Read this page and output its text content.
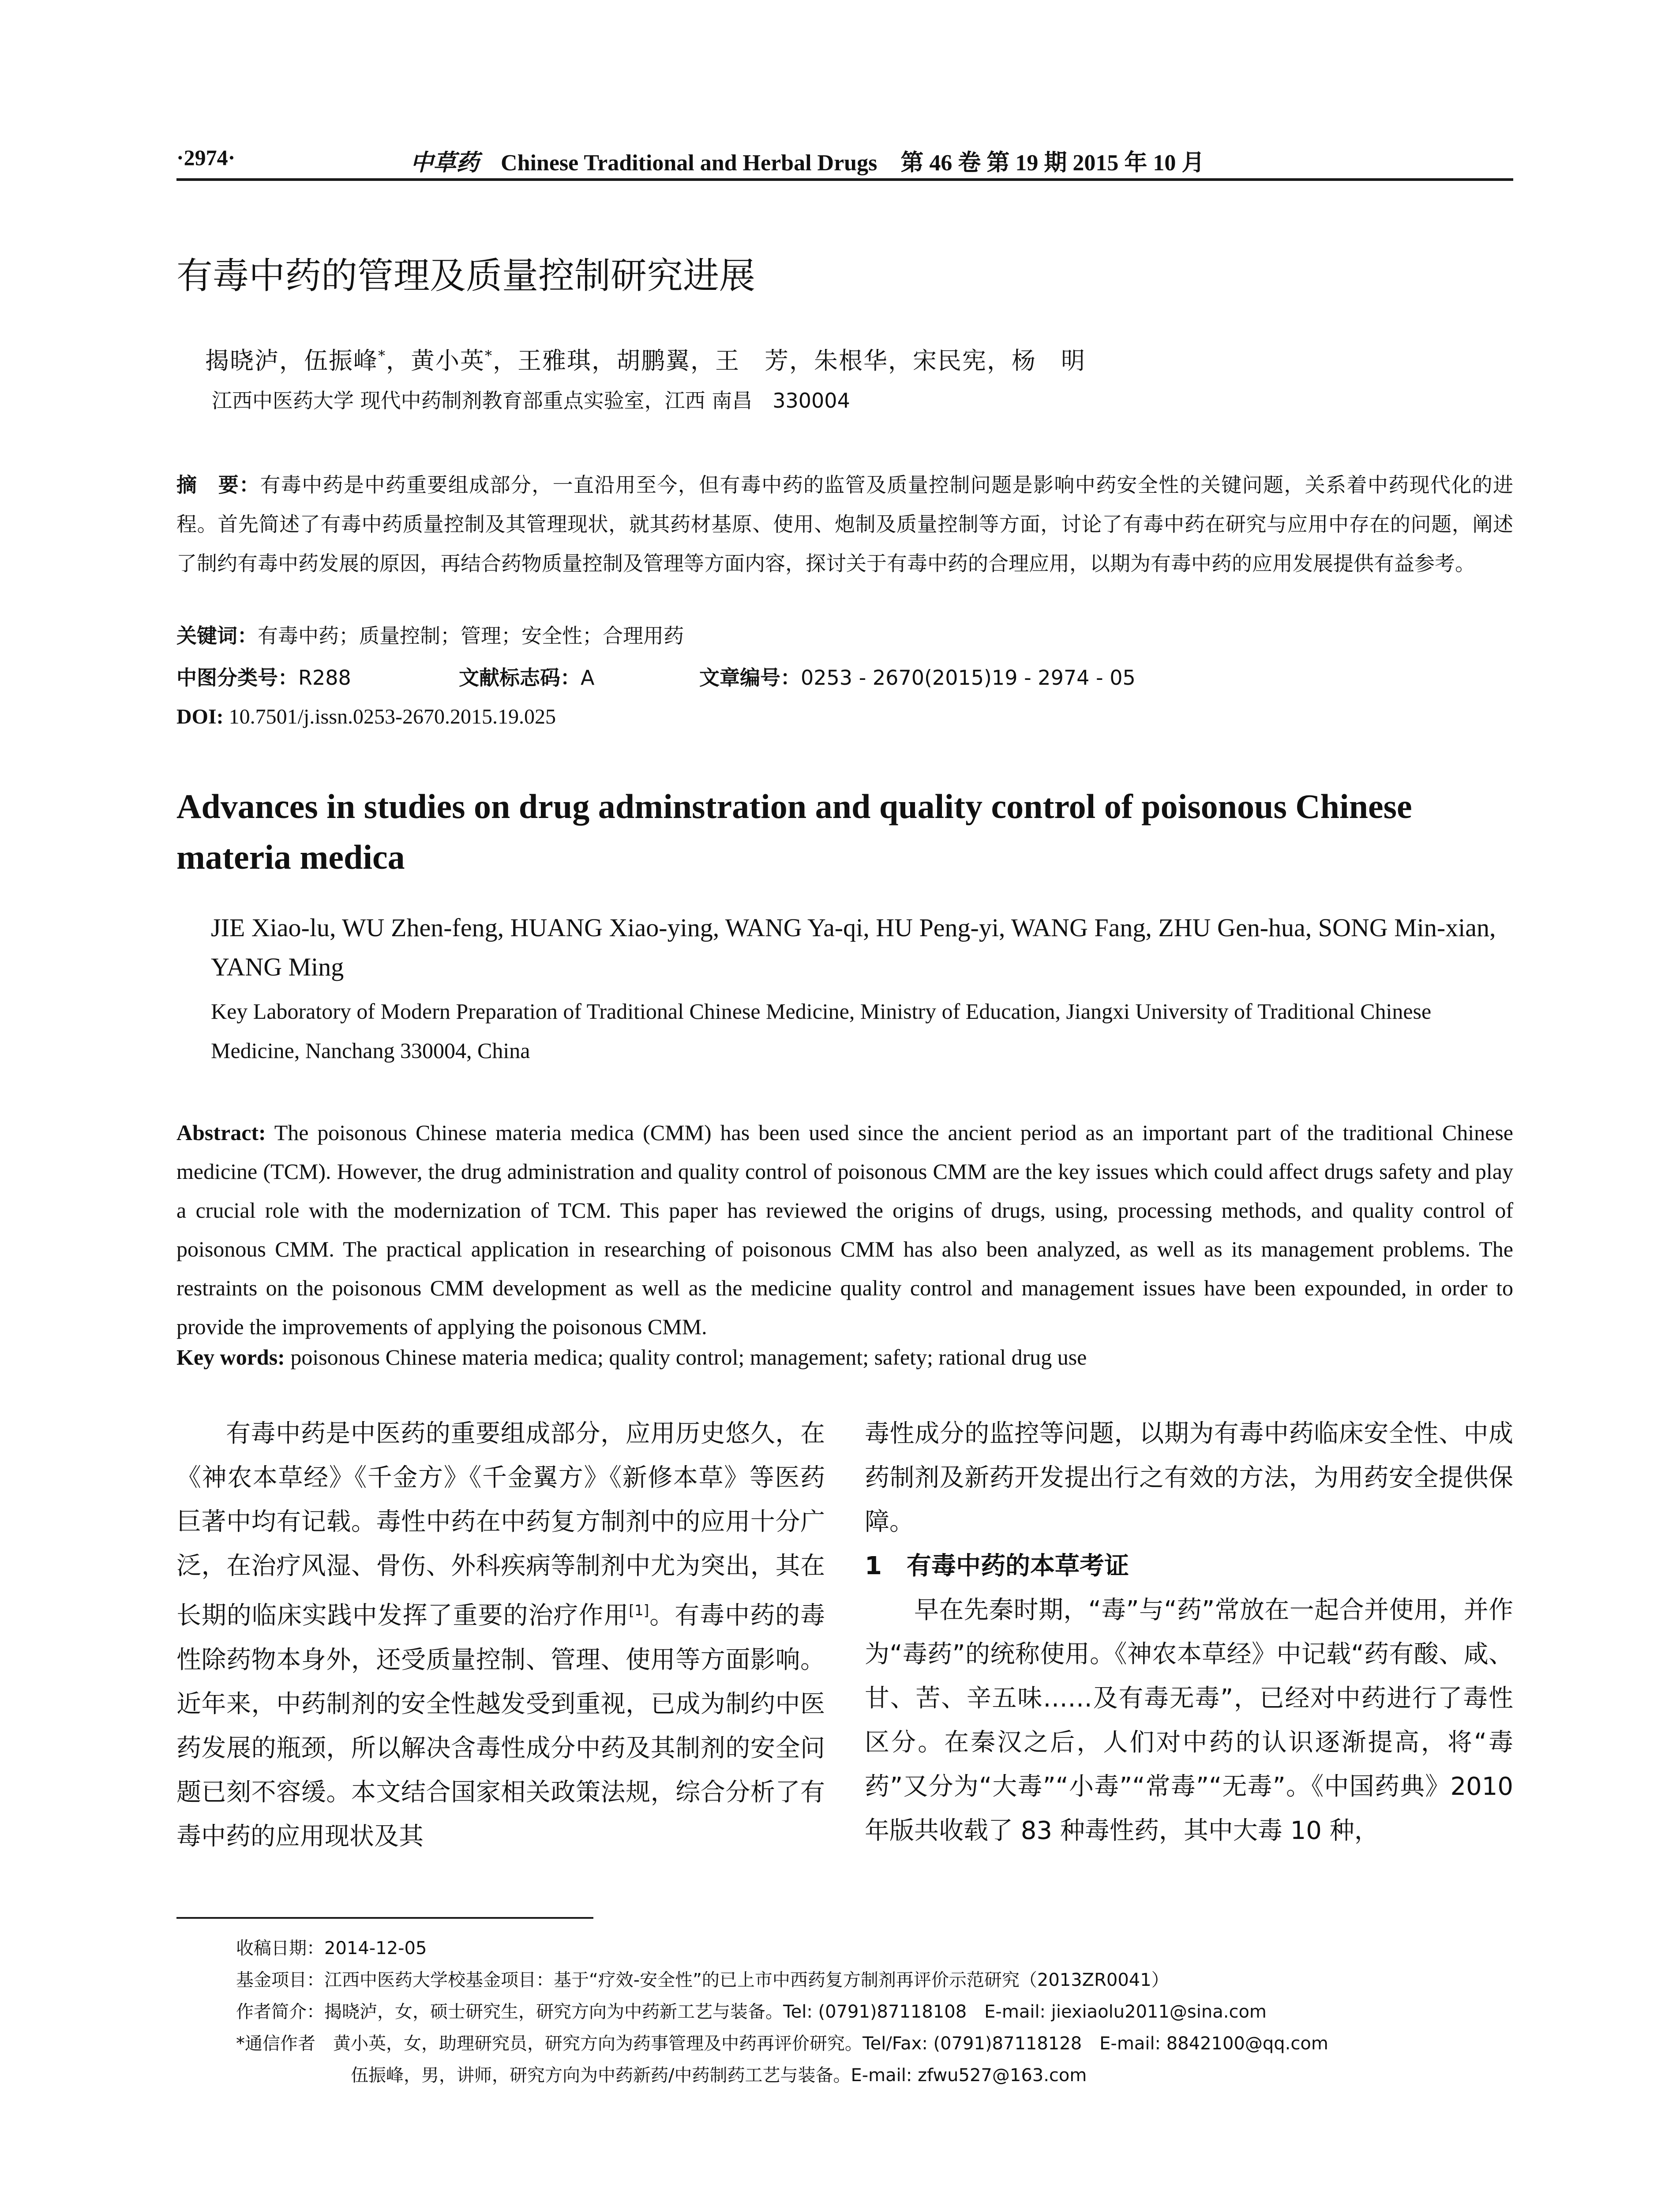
·2974·	中草药 Chinese Traditional and Herbal Drugs 第 46 卷 第 19 期 2015 年 10 月
有毒中药的管理及质量控制研究进展
揭晓泸，伍振峰*，黄小英*，王雅琪，胡鹏翼，王　芳，朱根华，宋民宪，杨　明
江西中医药大学 现代中药制剂教育部重点实验室，江西 南昌　330004
摘　要：有毒中药是中药重要组成部分，一直沿用至今，但有毒中药的监管及质量控制问题是影响中药安全性的关键问题，关系着中药现代化的进程。首先简述了有毒中药质量控制及其管理现状，就其药材基原、使用、炮制及质量控制等方面，讨论了有毒中药在研究与应用中存在的问题，阐述了制约有毒中药发展的原因，再结合药物质量控制及管理等方面内容，探讨关于有毒中药的合理应用，以期为有毒中药的应用发展提供有益参考。
关键词：有毒中药；质量控制；管理；安全性；合理用药
中图分类号：R288	文献标志码：A	文章编号：0253 - 2670(2015)19 - 2974 - 05
DOI: 10.7501/j.issn.0253-2670.2015.19.025
Advances in studies on drug adminstration and quality control of poisonous Chinese materia medica
JIE Xiao-lu, WU Zhen-feng, HUANG Xiao-ying, WANG Ya-qi, HU Peng-yi, WANG Fang, ZHU Gen-hua, SONG Min-xian, YANG Ming
Key Laboratory of Modern Preparation of Traditional Chinese Medicine, Ministry of Education, Jiangxi University of Traditional Chinese Medicine, Nanchang 330004, China
Abstract: The poisonous Chinese materia medica (CMM) has been used since the ancient period as an important part of the traditional Chinese medicine (TCM). However, the drug administration and quality control of poisonous CMM are the key issues which could affect drugs safety and play a crucial role with the modernization of TCM. This paper has reviewed the origins of drugs, using, processing methods, and quality control of poisonous CMM. The practical application in researching of poisonous CMM has also been analyzed, as well as its management problems. The restraints on the poisonous CMM development as well as the medicine quality control and management issues have been expounded, in order to provide the improvements of applying the poisonous CMM.
Key words: poisonous Chinese materia medica; quality control; management; safety; rational drug use

有毒中药是中医药的重要组成部分，应用历史悠久，在《神农本草经》《千金方》《千金翼方》《新修本草》等医药巨著中均有记载。毒性中药在中药复方制剂中的应用十分广泛，在治疗风湿、骨伤、外科疾病等制剂中尤为突出，其在长期的临床实践中发挥了重要的治疗作用[1]。有毒中药的毒性除药物本身外，还受质量控制、管理、使用等方面影响。近年来，中药制剂的安全性越发受到重视，已成为制约中医药发展的瓶颈，所以解决含毒性成分中药及其制剂的安全问题已刻不容缓。本文结合国家相关政策法规，综合分析了有毒中药的应用现状及其

毒性成分的监控等问题，以期为有毒中药临床安全性、中成药制剂及新药开发提出行之有效的方法，为用药安全提供保障。

1　有毒中药的本草考证

早在先秦时期，“毒”与“药”常放在一起合并使用，并作为“毒药”的统称使用。《神农本草经》中记载“药有酸、咸、甘、苦、辛五味……及有毒无毒”，已经对中药进行了毒性区分。在秦汉之后，人们对中药的认识逐渐提高，将“毒药”又分为“大毒”“小毒”“常毒”“无毒”。《中国药典》2010 年版共收载了 83 种毒性药，其中大毒 10 种，

收稿日期：2014-12-05
基金项目：江西中医药大学校基金项目：基于“疗效-安全性”的已上市中西药复方制剂再评价示范研究（2013ZR0041）
作者简介：揭晓泸，女，硕士研究生，研究方向为中药新工艺与装备。Tel: (0791)87118108　E-mail: jiexiaolu2011@sina.com
*通信作者　黄小英，女，助理研究员，研究方向为药事管理及中药再评价研究。Tel/Fax: (0791)87118128　E-mail: 8842100@qq.com
伍振峰，男，讲师，研究方向为中药新药/中药制药工艺与装备。E-mail: zfwu527@163.com
